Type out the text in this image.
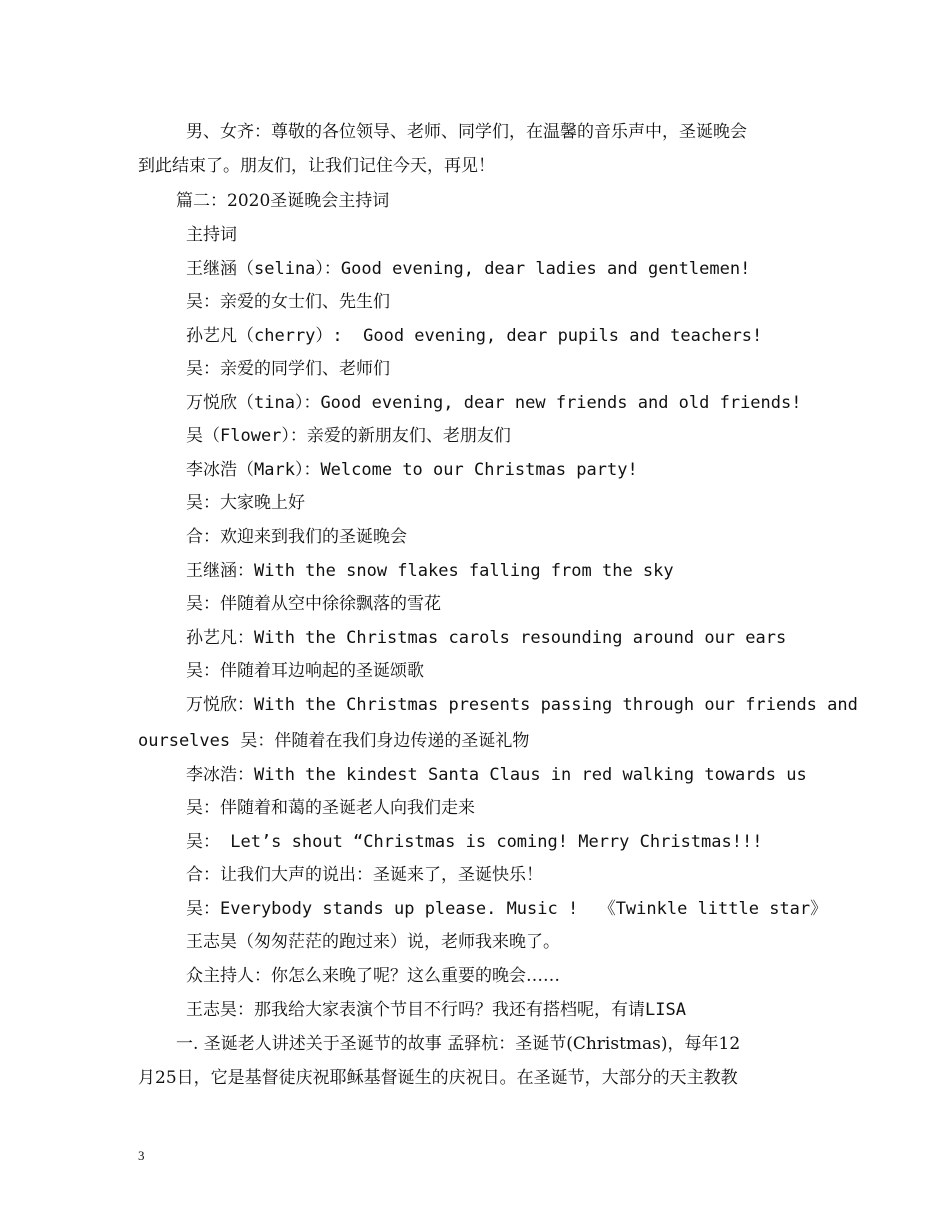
男、女齐：尊敬的各位领导、老师、同学们，在温馨的音乐声中，圣诞晚会
到此结束了。朋友们，让我们记住今天，再见！
篇二：2020圣诞晚会主持词
主持词
王继涵（selina）：Good evening, dear ladies and gentlemen!
吴：亲爱的女士们、先生们
孙艺凡（cherry）:  Good evening, dear pupils and teachers!
吴：亲爱的同学们、老师们
万悦欣（tina）：Good evening, dear new friends and old friends!
吴（Flower）：亲爱的新朋友们、老朋友们
李冰浩（Mark）：Welcome to our Christmas party!
吴：大家晚上好
合：欢迎来到我们的圣诞晚会
王继涵：With the snow flakes falling from the sky
吴：伴随着从空中徐徐飘落的雪花
孙艺凡：With the Christmas carols resounding around our ears
吴：伴随着耳边响起的圣诞颂歌
万悦欣：With the Christmas presents passing through our friends and
ourselves 吴：伴随着在我们身边传递的圣诞礼物
李冰浩：With the kindest Santa Claus in red walking towards us
吴：伴随着和蔼的圣诞老人向我们走来
吴： Let’s shout “Christmas is coming! Merry Christmas!!!
合：让我们大声的说出：圣诞来了，圣诞快乐！
吴：Everybody stands up please. Music !  《Twinkle little star》
王志昊（匆匆茫茫的跑过来）说，老师我来晚了。
众主持人：你怎么来晚了呢？这么重要的晚会……
王志昊：那我给大家表演个节目不行吗？我还有搭档呢，有请LISA
一. 圣诞老人讲述关于圣诞节的故事 孟驿杭：圣诞节(Christmas)，每年12
月25日，它是基督徒庆祝耶稣基督诞生的庆祝日。在圣诞节，大部分的天主教教
3
